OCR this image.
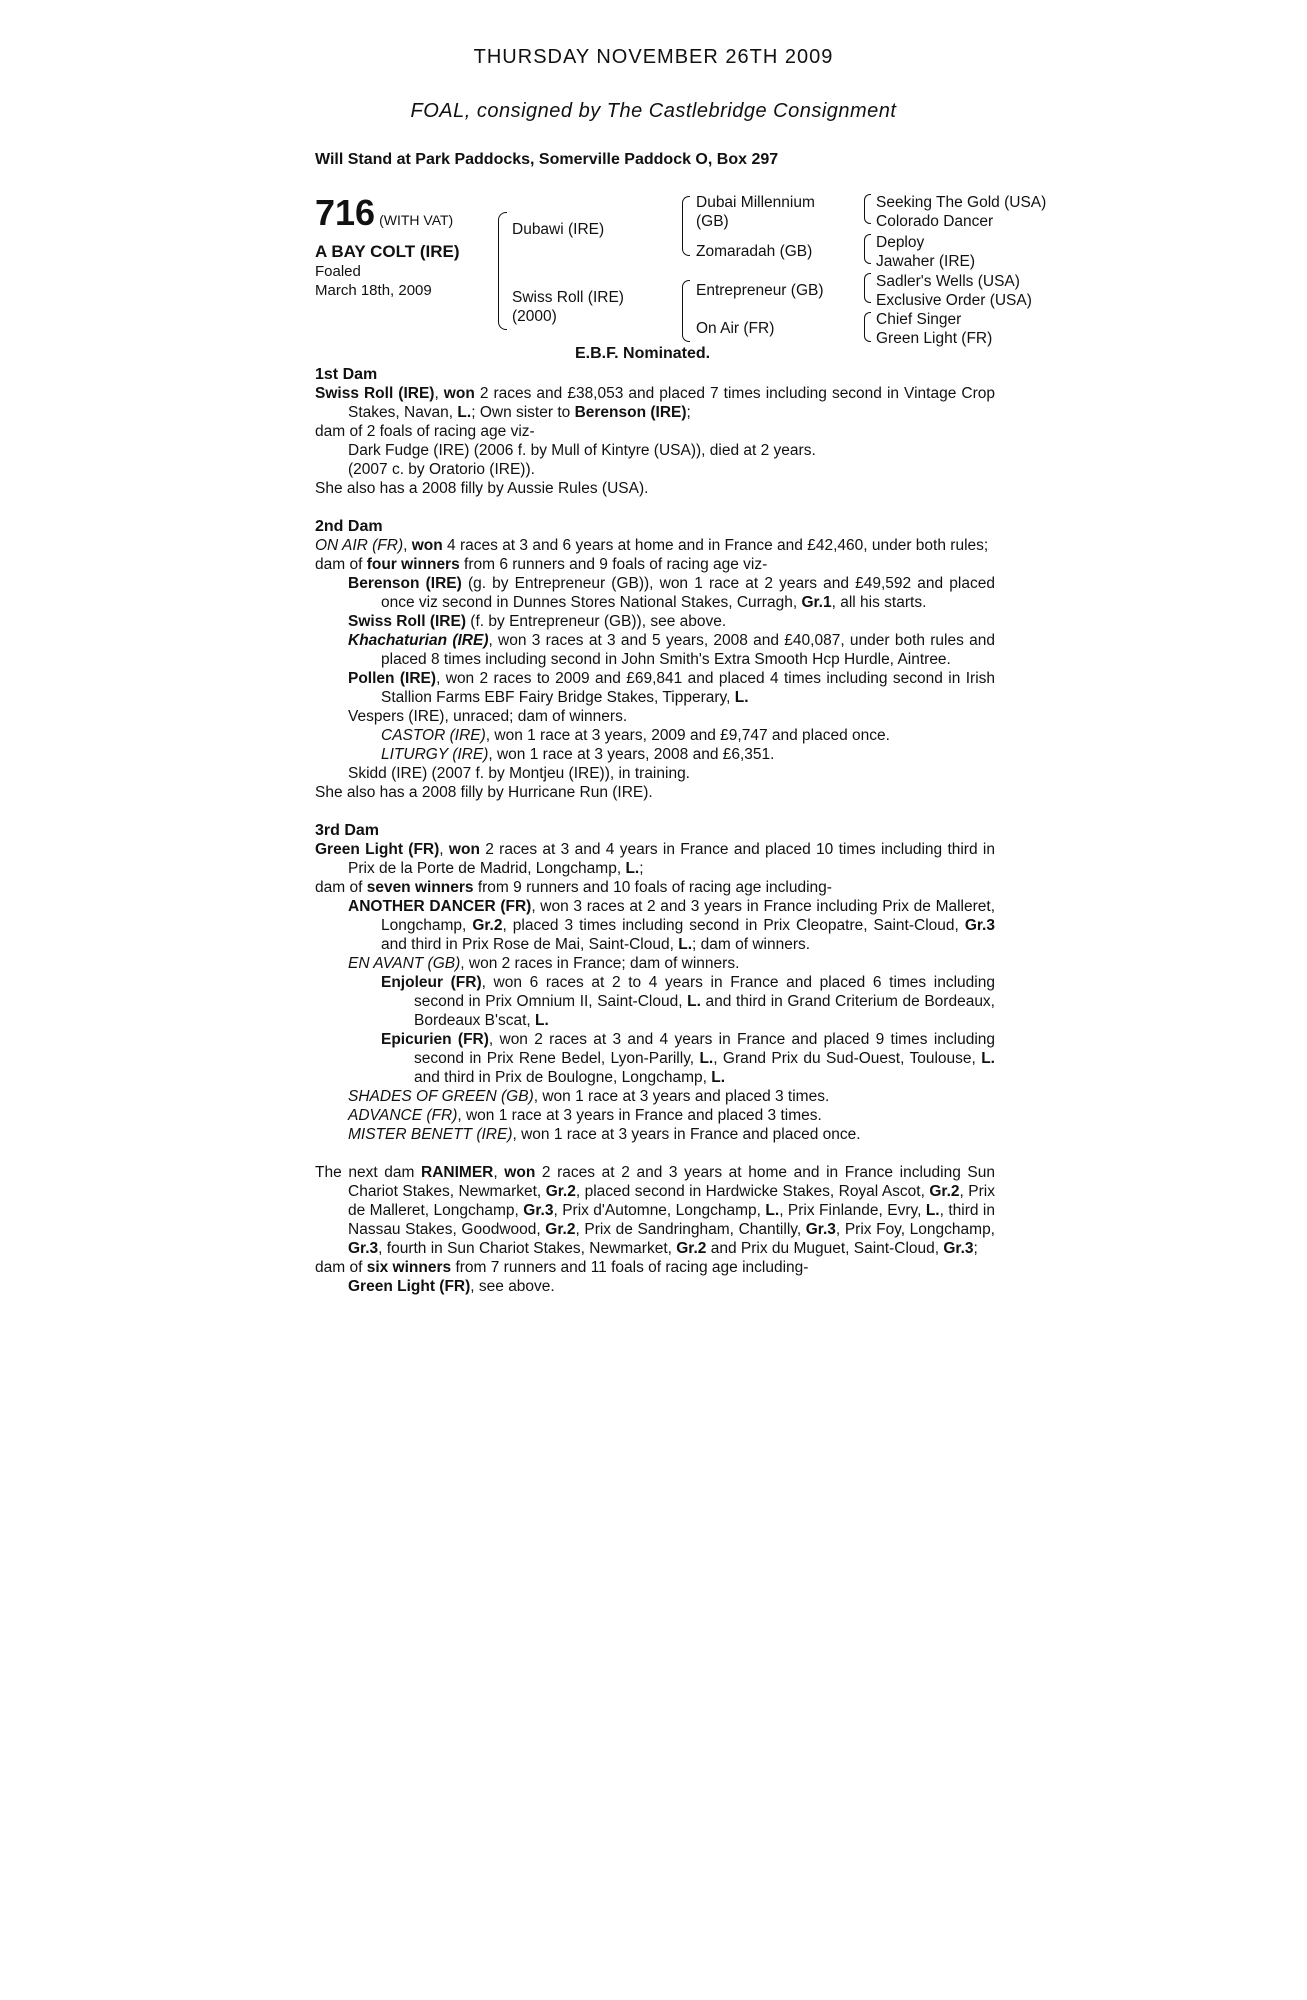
THURSDAY NOVEMBER 26TH 2009
FOAL, consigned by The Castlebridge Consignment
Will Stand at Park Paddocks, Somerville Paddock O, Box 297
716 (WITH VAT)
A BAY COLT (IRE)
Foaled
March 18th, 2009
Dubawi (IRE)
Swiss Roll (IRE)
(2000)
Dubai Millennium
(GB)
Zomaradah (GB)
Entrepreneur (GB)
On Air (FR)
Seeking The Gold (USA)
Colorado Dancer
Deploy
Jawaher (IRE)
Sadler's Wells (USA)
Exclusive Order (USA)
Chief Singer
Green Light (FR)
E.B.F. Nominated.

1st Dam

Swiss Roll (IRE), won 2 races and £38,053 and placed 7 times including second in Vintage Crop Stakes, Navan, L.; Own sister to Berenson (IRE);

dam of 2 foals of racing age viz-

Dark Fudge (IRE) (2006 f. by Mull of Kintyre (USA)), died at 2 years.

(2007 c. by Oratorio (IRE)).

She also has a 2008 filly by Aussie Rules (USA).

2nd Dam

ON AIR (FR), won 4 races at 3 and 6 years at home and in France and £42,460, under both rules;

dam of four winners from 6 runners and 9 foals of racing age viz-

Berenson (IRE) (g. by Entrepreneur (GB)), won 1 race at 2 years and £49,592 and placed once viz second in Dunnes Stores National Stakes, Curragh, Gr.1, all his starts.

Swiss Roll (IRE) (f. by Entrepreneur (GB)), see above.

Khachaturian (IRE), won 3 races at 3 and 5 years, 2008 and £40,087, under both rules and placed 8 times including second in John Smith's Extra Smooth Hcp Hurdle, Aintree.

Pollen (IRE), won 2 races to 2009 and £69,841 and placed 4 times including second in Irish Stallion Farms EBF Fairy Bridge Stakes, Tipperary, L.

Vespers (IRE), unraced; dam of winners.

CASTOR (IRE), won 1 race at 3 years, 2009 and £9,747 and placed once.

LITURGY (IRE), won 1 race at 3 years, 2008 and £6,351.

Skidd (IRE) (2007 f. by Montjeu (IRE)), in training.

She also has a 2008 filly by Hurricane Run (IRE).

3rd Dam

Green Light (FR), won 2 races at 3 and 4 years in France and placed 10 times including third in Prix de la Porte de Madrid, Longchamp, L.;

dam of seven winners from 9 runners and 10 foals of racing age including-

ANOTHER DANCER (FR), won 3 races at 2 and 3 years in France including Prix de Malleret, Longchamp, Gr.2, placed 3 times including second in Prix Cleopatre, Saint-Cloud, Gr.3 and third in Prix Rose de Mai, Saint-Cloud, L.; dam of winners.

EN AVANT (GB), won 2 races in France; dam of winners.

Enjoleur (FR), won 6 races at 2 to 4 years in France and placed 6 times including second in Prix Omnium II, Saint-Cloud, L. and third in Grand Criterium de Bordeaux, Bordeaux B'scat, L.

Epicurien (FR), won 2 races at 3 and 4 years in France and placed 9 times including second in Prix Rene Bedel, Lyon-Parilly, L., Grand Prix du Sud-Ouest, Toulouse, L. and third in Prix de Boulogne, Longchamp, L.

SHADES OF GREEN (GB), won 1 race at 3 years and placed 3 times.

ADVANCE (FR), won 1 race at 3 years in France and placed 3 times.

MISTER BENETT (IRE), won 1 race at 3 years in France and placed once.

The next dam RANIMER, won 2 races at 2 and 3 years at home and in France including Sun Chariot Stakes, Newmarket, Gr.2, placed second in Hardwicke Stakes, Royal Ascot, Gr.2, Prix de Malleret, Longchamp, Gr.3, Prix d'Automne, Longchamp, L., Prix Finlande, Evry, L., third in Nassau Stakes, Goodwood, Gr.2, Prix de Sandringham, Chantilly, Gr.3, Prix Foy, Longchamp, Gr.3, fourth in Sun Chariot Stakes, Newmarket, Gr.2 and Prix du Muguet, Saint-Cloud, Gr.3;

dam of six winners from 7 runners and 11 foals of racing age including-

Green Light (FR), see above.
